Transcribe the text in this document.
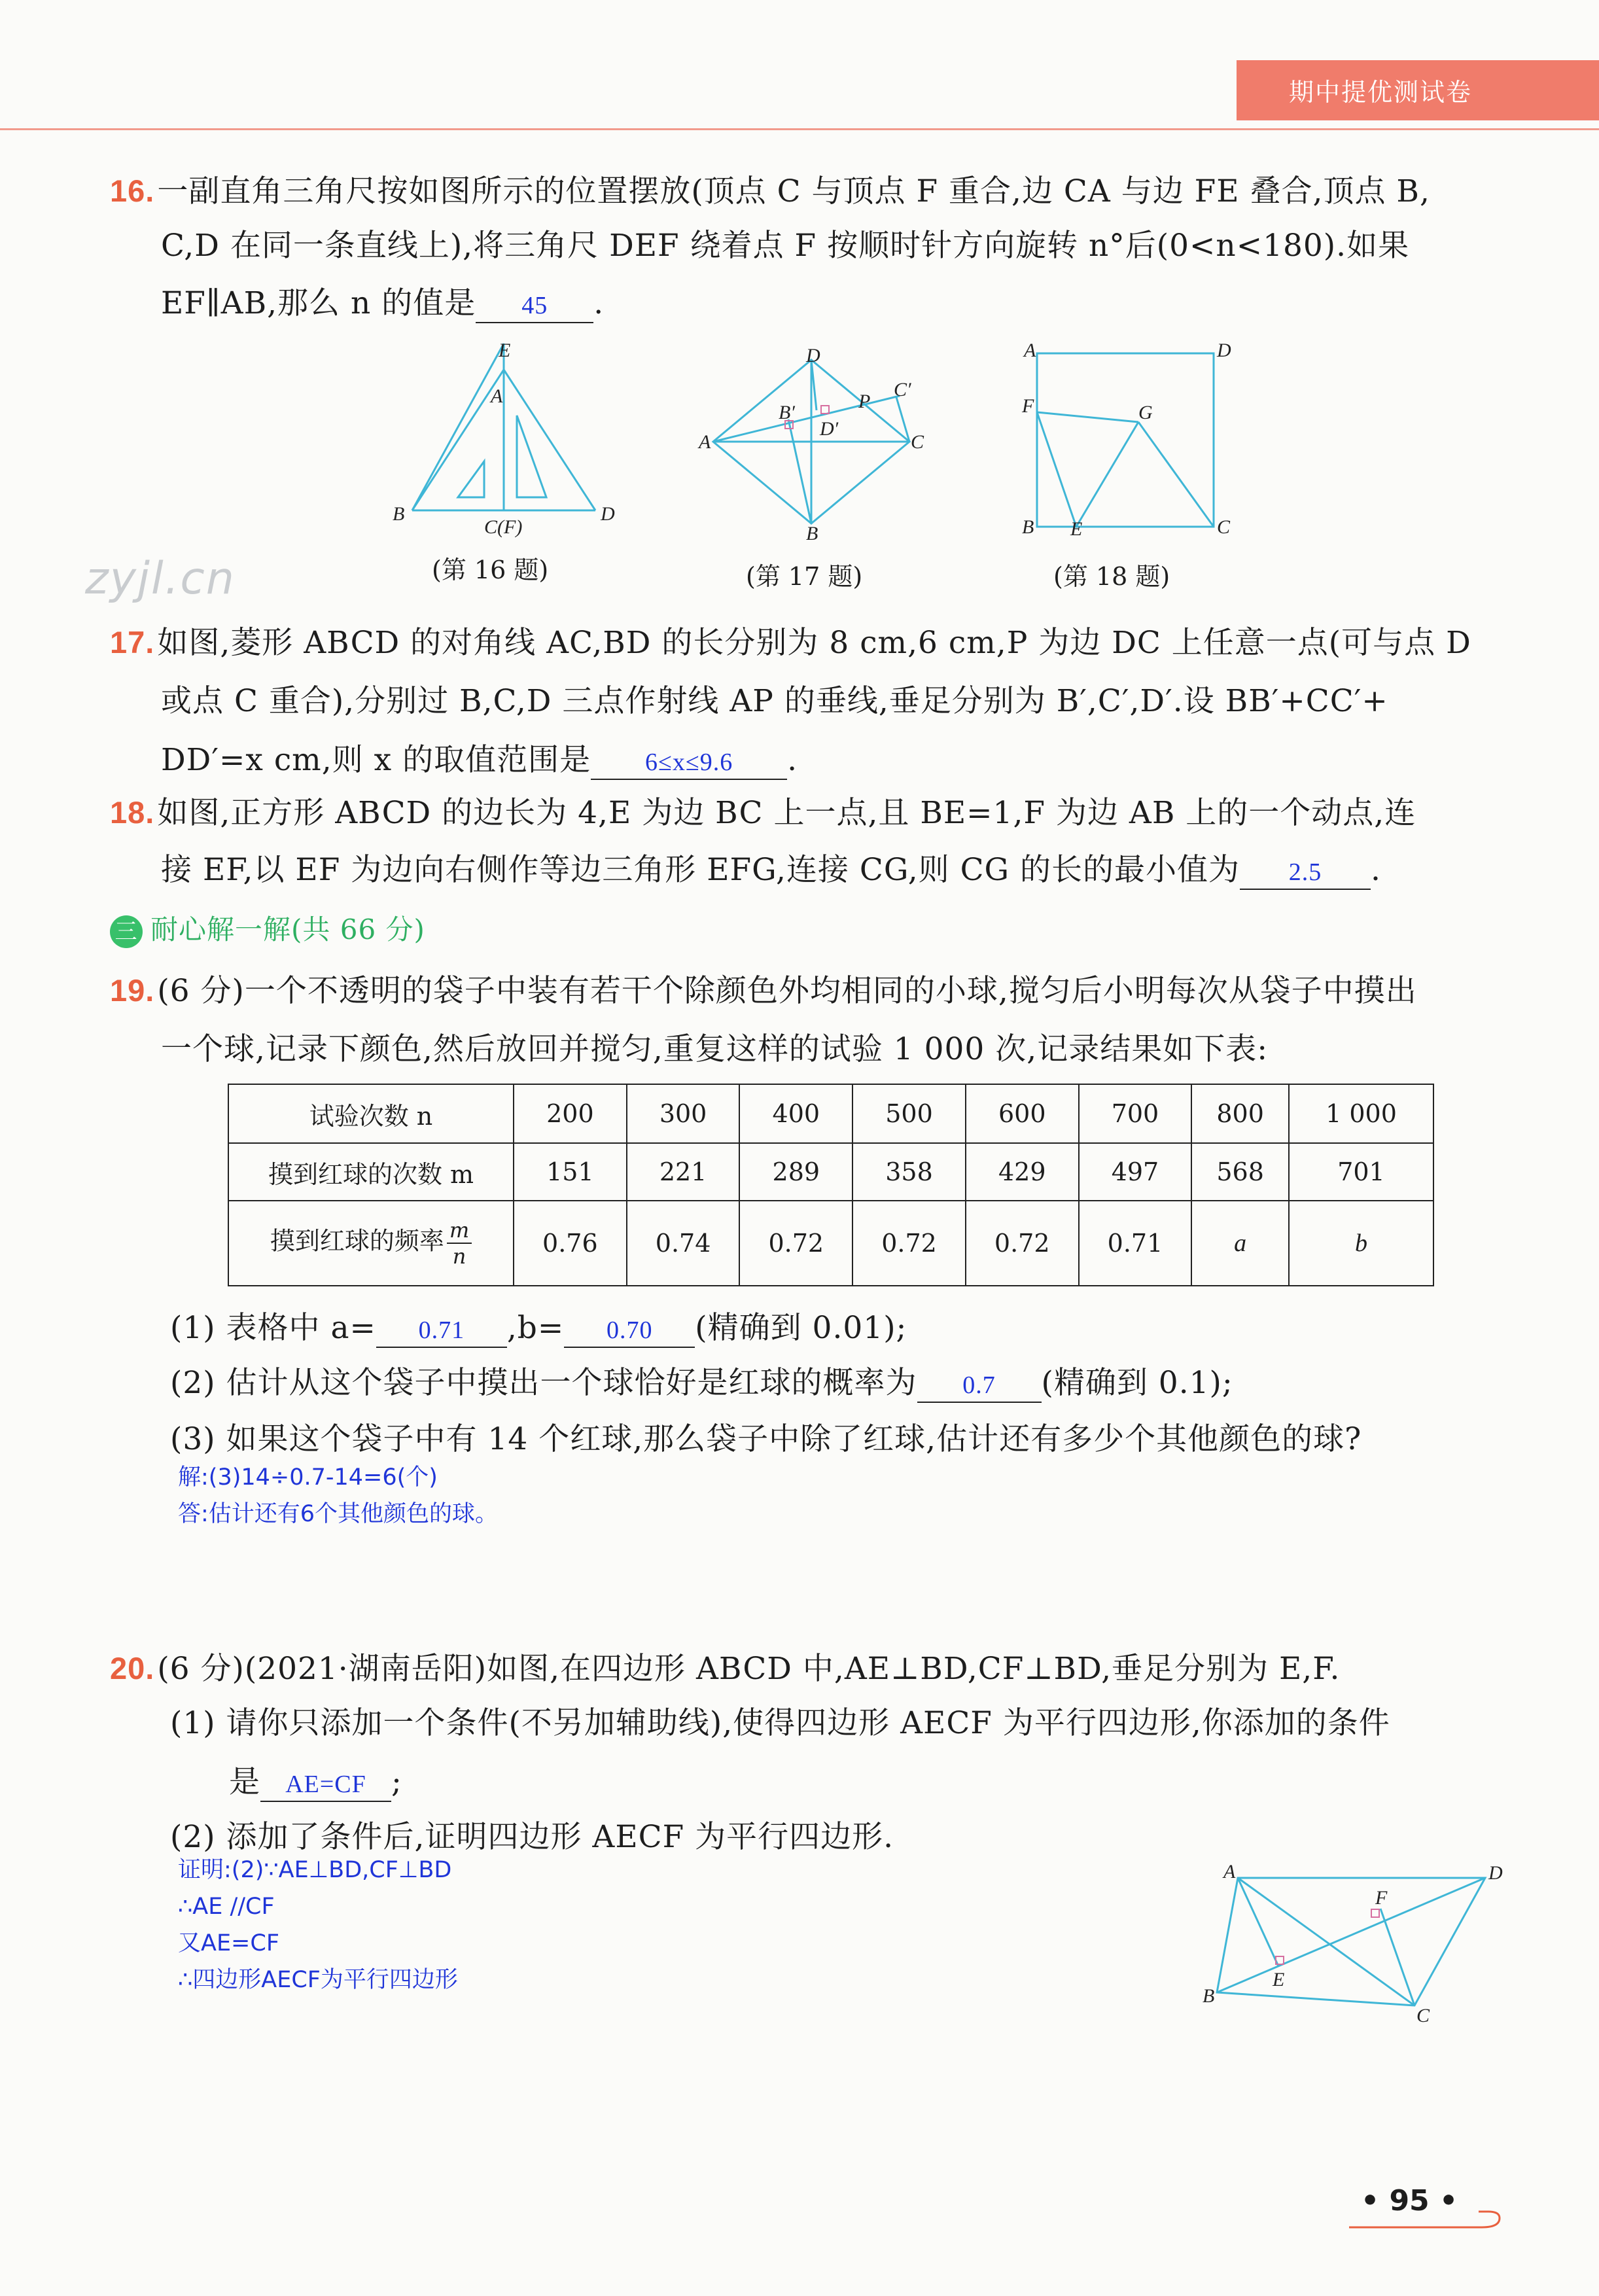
期中提优测试卷
zyjl.cn
16.一副直角三角尺按如图所示的位置摆放(顶点 C 与顶点 F 重合,边 CA 与边 FE 叠合,顶点 B,
C,D 在同一条直线上),将三角尺 DEF 绕着点 F 按顺时针方向旋转 n°后(0<n<180).如果
EF∥AB,那么 n 的值是 45 .
E
A
B
C(F)
D
(第 16 题)
D
B′
P
C′
D′
A	C
B
(第 17 题)
A	D
F	G
B E	C
(第 18 题)
17.如图,菱形 ABCD 的对角线 AC,BD 的长分别为 8 cm,6 cm,P 为边 DC 上任意一点(可与点 D
或点 C 重合),分别过 B,C,D 三点作射线 AP 的垂线,垂足分别为 B′,C′,D′.设 BB′+CC′+
DD′=x cm,则 x 的取值范围是 6≤x≤9.6 .
18.如图,正方形 ABCD 的边长为 4,E 为边 BC 上一点,且 BE=1,F 为边 AB 上的一个动点,连
接 EF,以 EF 为边向右侧作等边三角形 EFG,连接 CG,则 CG 的长的最小值为 2.5 .
三 耐心解一解(共 66 分)
19.(6 分)一个不透明的袋子中装有若干个除颜色外均相同的小球,搅匀后小明每次从袋子中摸出
一个球,记录下颜色,然后放回并搅匀,重复这样的试验 1 000 次,记录结果如下表:
试验次数 n	200	300	400	500	600	700	800	1 000
摸到红球的次数 m	151	221	289	358	429	497	568	701
摸到红球的频率 $\frac{m}{n}$	0.76	0.74	0.72	0.72	0.72	0.71	a	b
(1) 表格中 a= 0.71 ,b= 0.70 (精确到 0.01);
(2) 估计从这个袋子中摸出一个球恰好是红球的概率为 0.7 (精确到 0.1);
(3) 如果这个袋子中有 14 个红球,那么袋子中除了红球,估计还有多少个其他颜色的球?
解:(3)14÷0.7-14=6(个)
答:估计还有6个其他颜色的球。
20.(6 分)(2021·湖南岳阳)如图,在四边形 ABCD 中,AE⊥BD,CF⊥BD,垂足分别为 E,F.
(1) 请你只添加一个条件(不另加辅助线),使得四边形 AECF 为平行四边形,你添加的条件
是 AE=CF ;
(2) 添加了条件后,证明四边形 AECF 为平行四边形.
证明:(2)∵AE⊥BD,CF⊥BD
∴AE //CF
又AE=CF
∴四边形AECF为平行四边形
A	D
F
E
B
C
• 95 •
